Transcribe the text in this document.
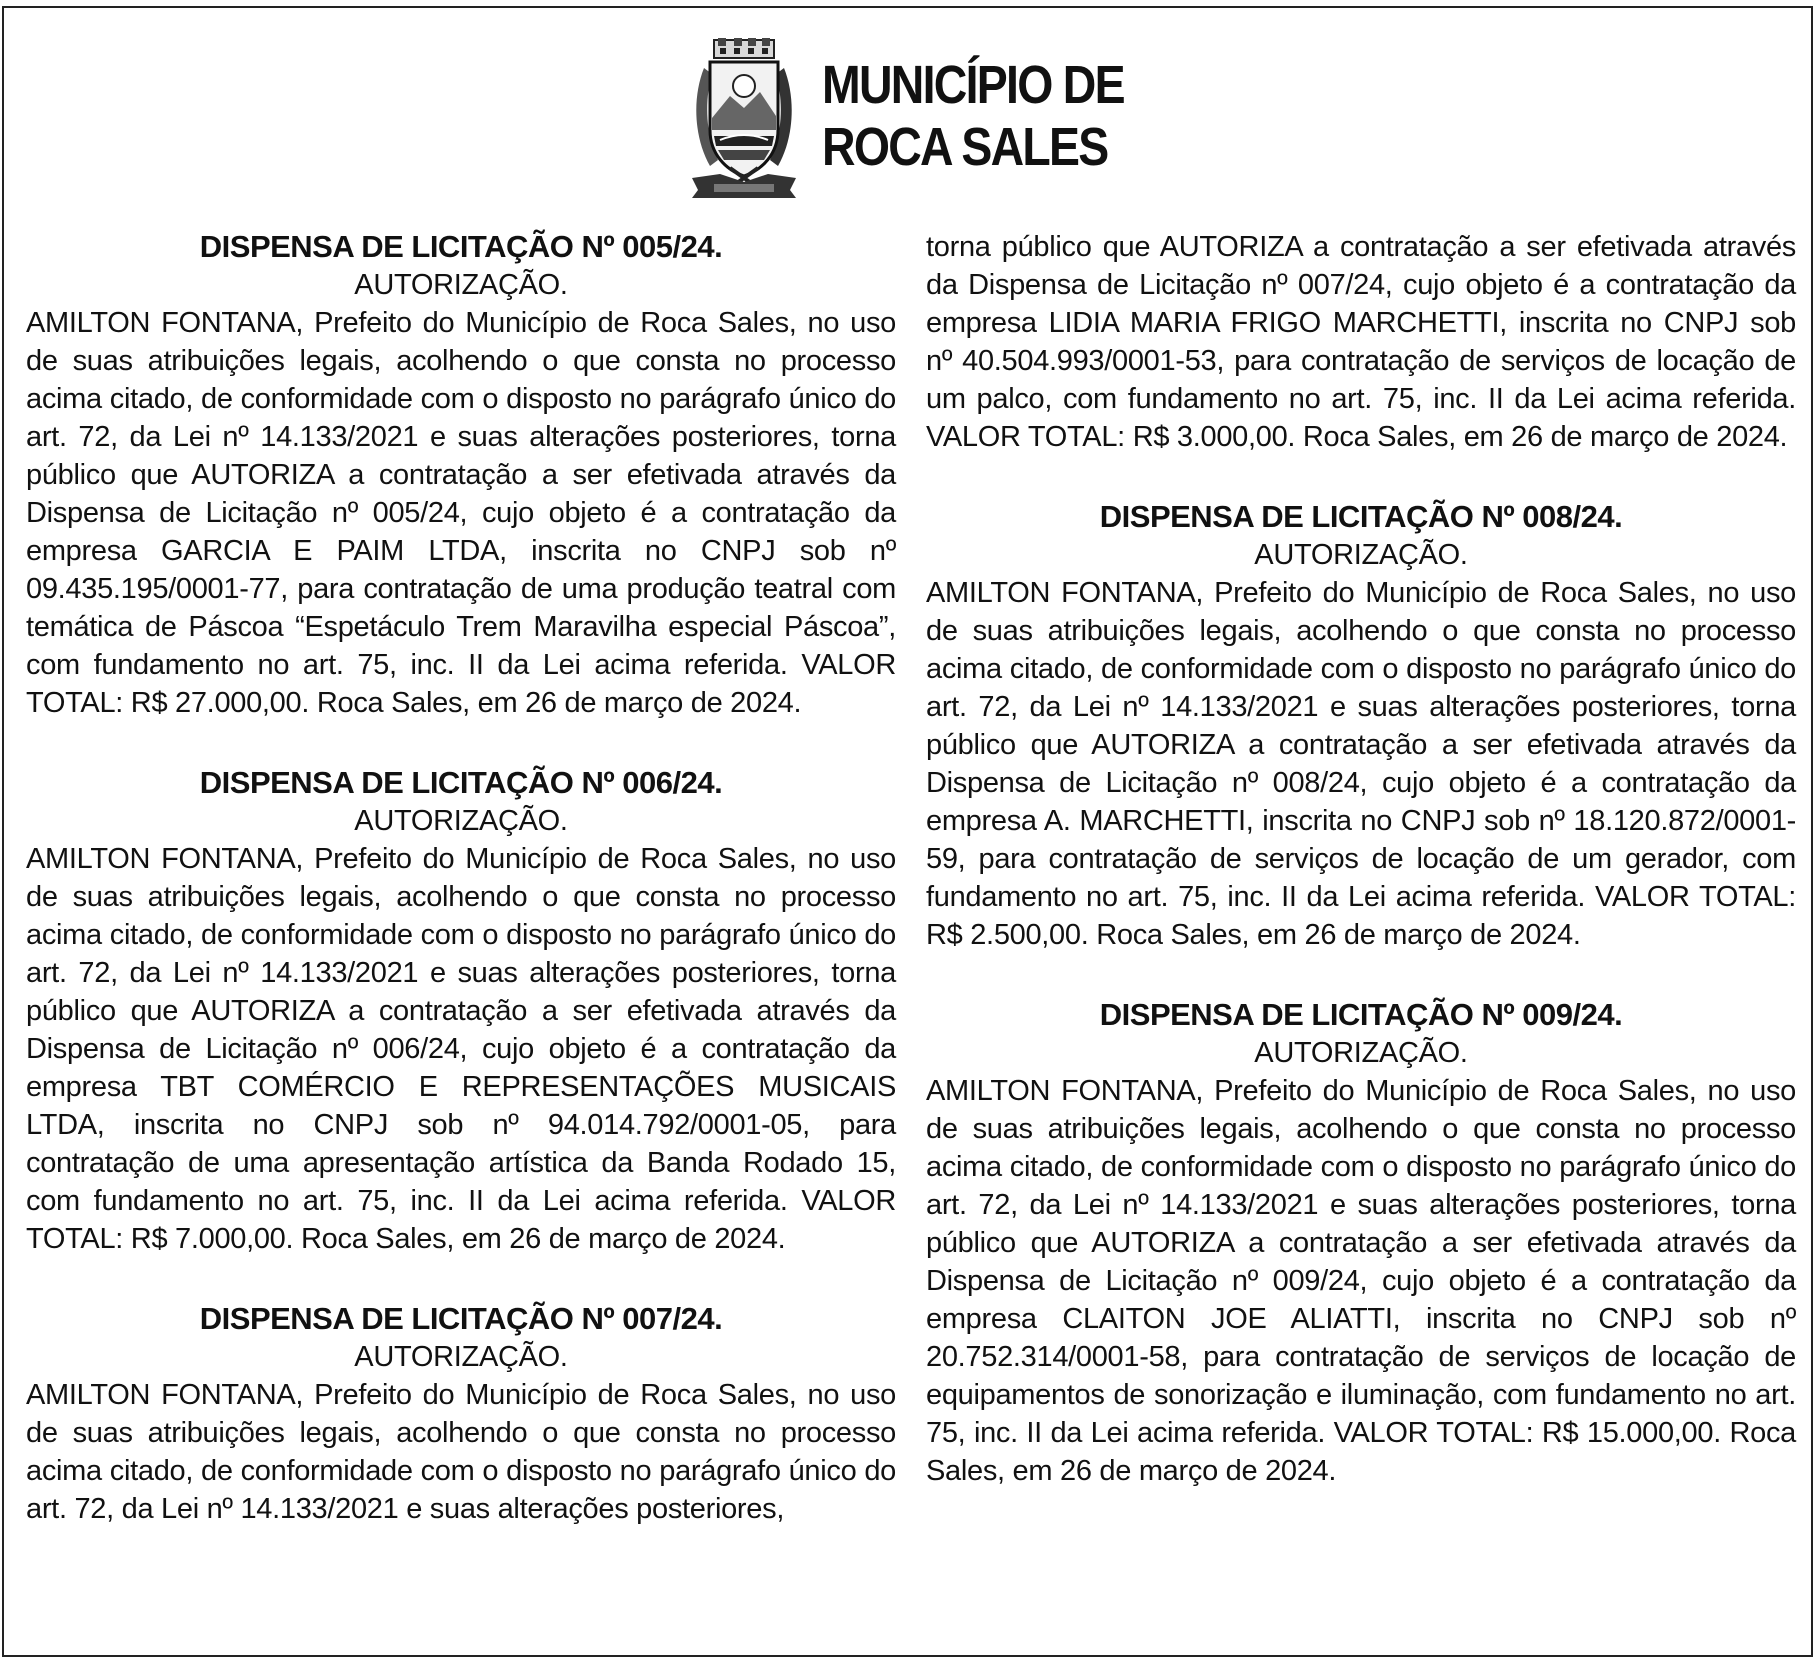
MUNICÍPIO DE
ROCA SALES
DISPENSA DE LICITAÇÃO Nº 005/24.
AUTORIZAÇÃO.

AMILTON FONTANA, Prefeito do Município de Roca Sales, no uso de suas atribuições legais, acolhendo o que consta no processo acima citado, de conformidade com o disposto no parágrafo único do art. 72, da Lei nº 14.133/2021 e suas alterações posteriores, torna público que AUTORIZA a contratação a ser efetivada através da Dispensa de Licitação nº 005/24, cujo objeto é a contratação da empresa GARCIA E PAIM LTDA, inscrita no CNPJ sob nº 09.435.195/0001-77, para contratação de uma produção teatral com temática de Páscoa “Espetáculo Trem Maravilha especial Páscoa”, com fundamento no art. 75, inc. II da Lei acima referida. VALOR TOTAL: R$ 27.000,00. Roca Sales, em 26 de março de 2024.

DISPENSA DE LICITAÇÃO Nº 006/24.
AUTORIZAÇÃO.

AMILTON FONTANA, Prefeito do Município de Roca Sales, no uso de suas atribuições legais, acolhendo o que consta no processo acima citado, de conformidade com o disposto no parágrafo único do art. 72, da Lei nº 14.133/2021 e suas alterações posteriores, torna público que AUTORIZA a contratação a ser efetivada através da Dispensa de Licitação nº 006/24, cujo objeto é a contratação da empresa TBT COMÉRCIO E REPRESENTAÇÕES MUSICAIS LTDA, inscrita no CNPJ sob nº 94.014.792/0001-05, para contratação de uma apresentação artística da Banda Rodado 15, com fundamento no art. 75, inc. II da Lei acima referida. VALOR TOTAL: R$ 7.000,00. Roca Sales, em 26 de março de 2024.

DISPENSA DE LICITAÇÃO Nº 007/24.
AUTORIZAÇÃO.

AMILTON FONTANA, Prefeito do Município de Roca Sales, no uso de suas atribuições legais, acolhendo o que consta no processo acima citado, de conformidade com o disposto no parágrafo único do art. 72, da Lei nº 14.133/2021 e suas alterações posteriores,

torna público que AUTORIZA a contratação a ser efetivada através da Dispensa de Licitação nº 007/24, cujo objeto é a contratação da empresa LIDIA MARIA FRIGO MARCHETTI, inscrita no CNPJ sob nº 40.504.993/0001-53, para contratação de serviços de locação de um palco, com fundamento no art. 75, inc. II da Lei acima referida. VALOR TOTAL: R$ 3.000,00. Roca Sales, em 26 de março de 2024.

DISPENSA DE LICITAÇÃO Nº 008/24.
AUTORIZAÇÃO.

AMILTON FONTANA, Prefeito do Município de Roca Sales, no uso de suas atribuições legais, acolhendo o que consta no processo acima citado, de conformidade com o disposto no parágrafo único do art. 72, da Lei nº 14.133/2021 e suas alterações posteriores, torna público que AUTORIZA a contratação a ser efetivada através da Dispensa de Licitação nº 008/24, cujo objeto é a contratação da empresa A. MARCHETTI, inscrita no CNPJ sob nº 18.120.872/0001-59, para contratação de serviços de locação de um gerador, com fundamento no art. 75, inc. II da Lei acima referida. VALOR TOTAL: R$ 2.500,00. Roca Sales, em 26 de março de 2024.

DISPENSA DE LICITAÇÃO Nº 009/24.
AUTORIZAÇÃO.

AMILTON FONTANA, Prefeito do Município de Roca Sales, no uso de suas atribuições legais, acolhendo o que consta no processo acima citado, de conformidade com o disposto no parágrafo único do art. 72, da Lei nº 14.133/2021 e suas alterações posteriores, torna público que AUTORIZA a contratação a ser efetivada através da Dispensa de Licitação nº 009/24, cujo objeto é a contratação da empresa CLAITON JOE ALIATTI, inscrita no CNPJ sob nº 20.752.314/0001-58, para contratação de serviços de locação de equipamentos de sonorização e iluminação, com fundamento no art. 75, inc. II da Lei acima referida. VALOR TOTAL: R$ 15.000,00. Roca Sales, em 26 de março de 2024.
